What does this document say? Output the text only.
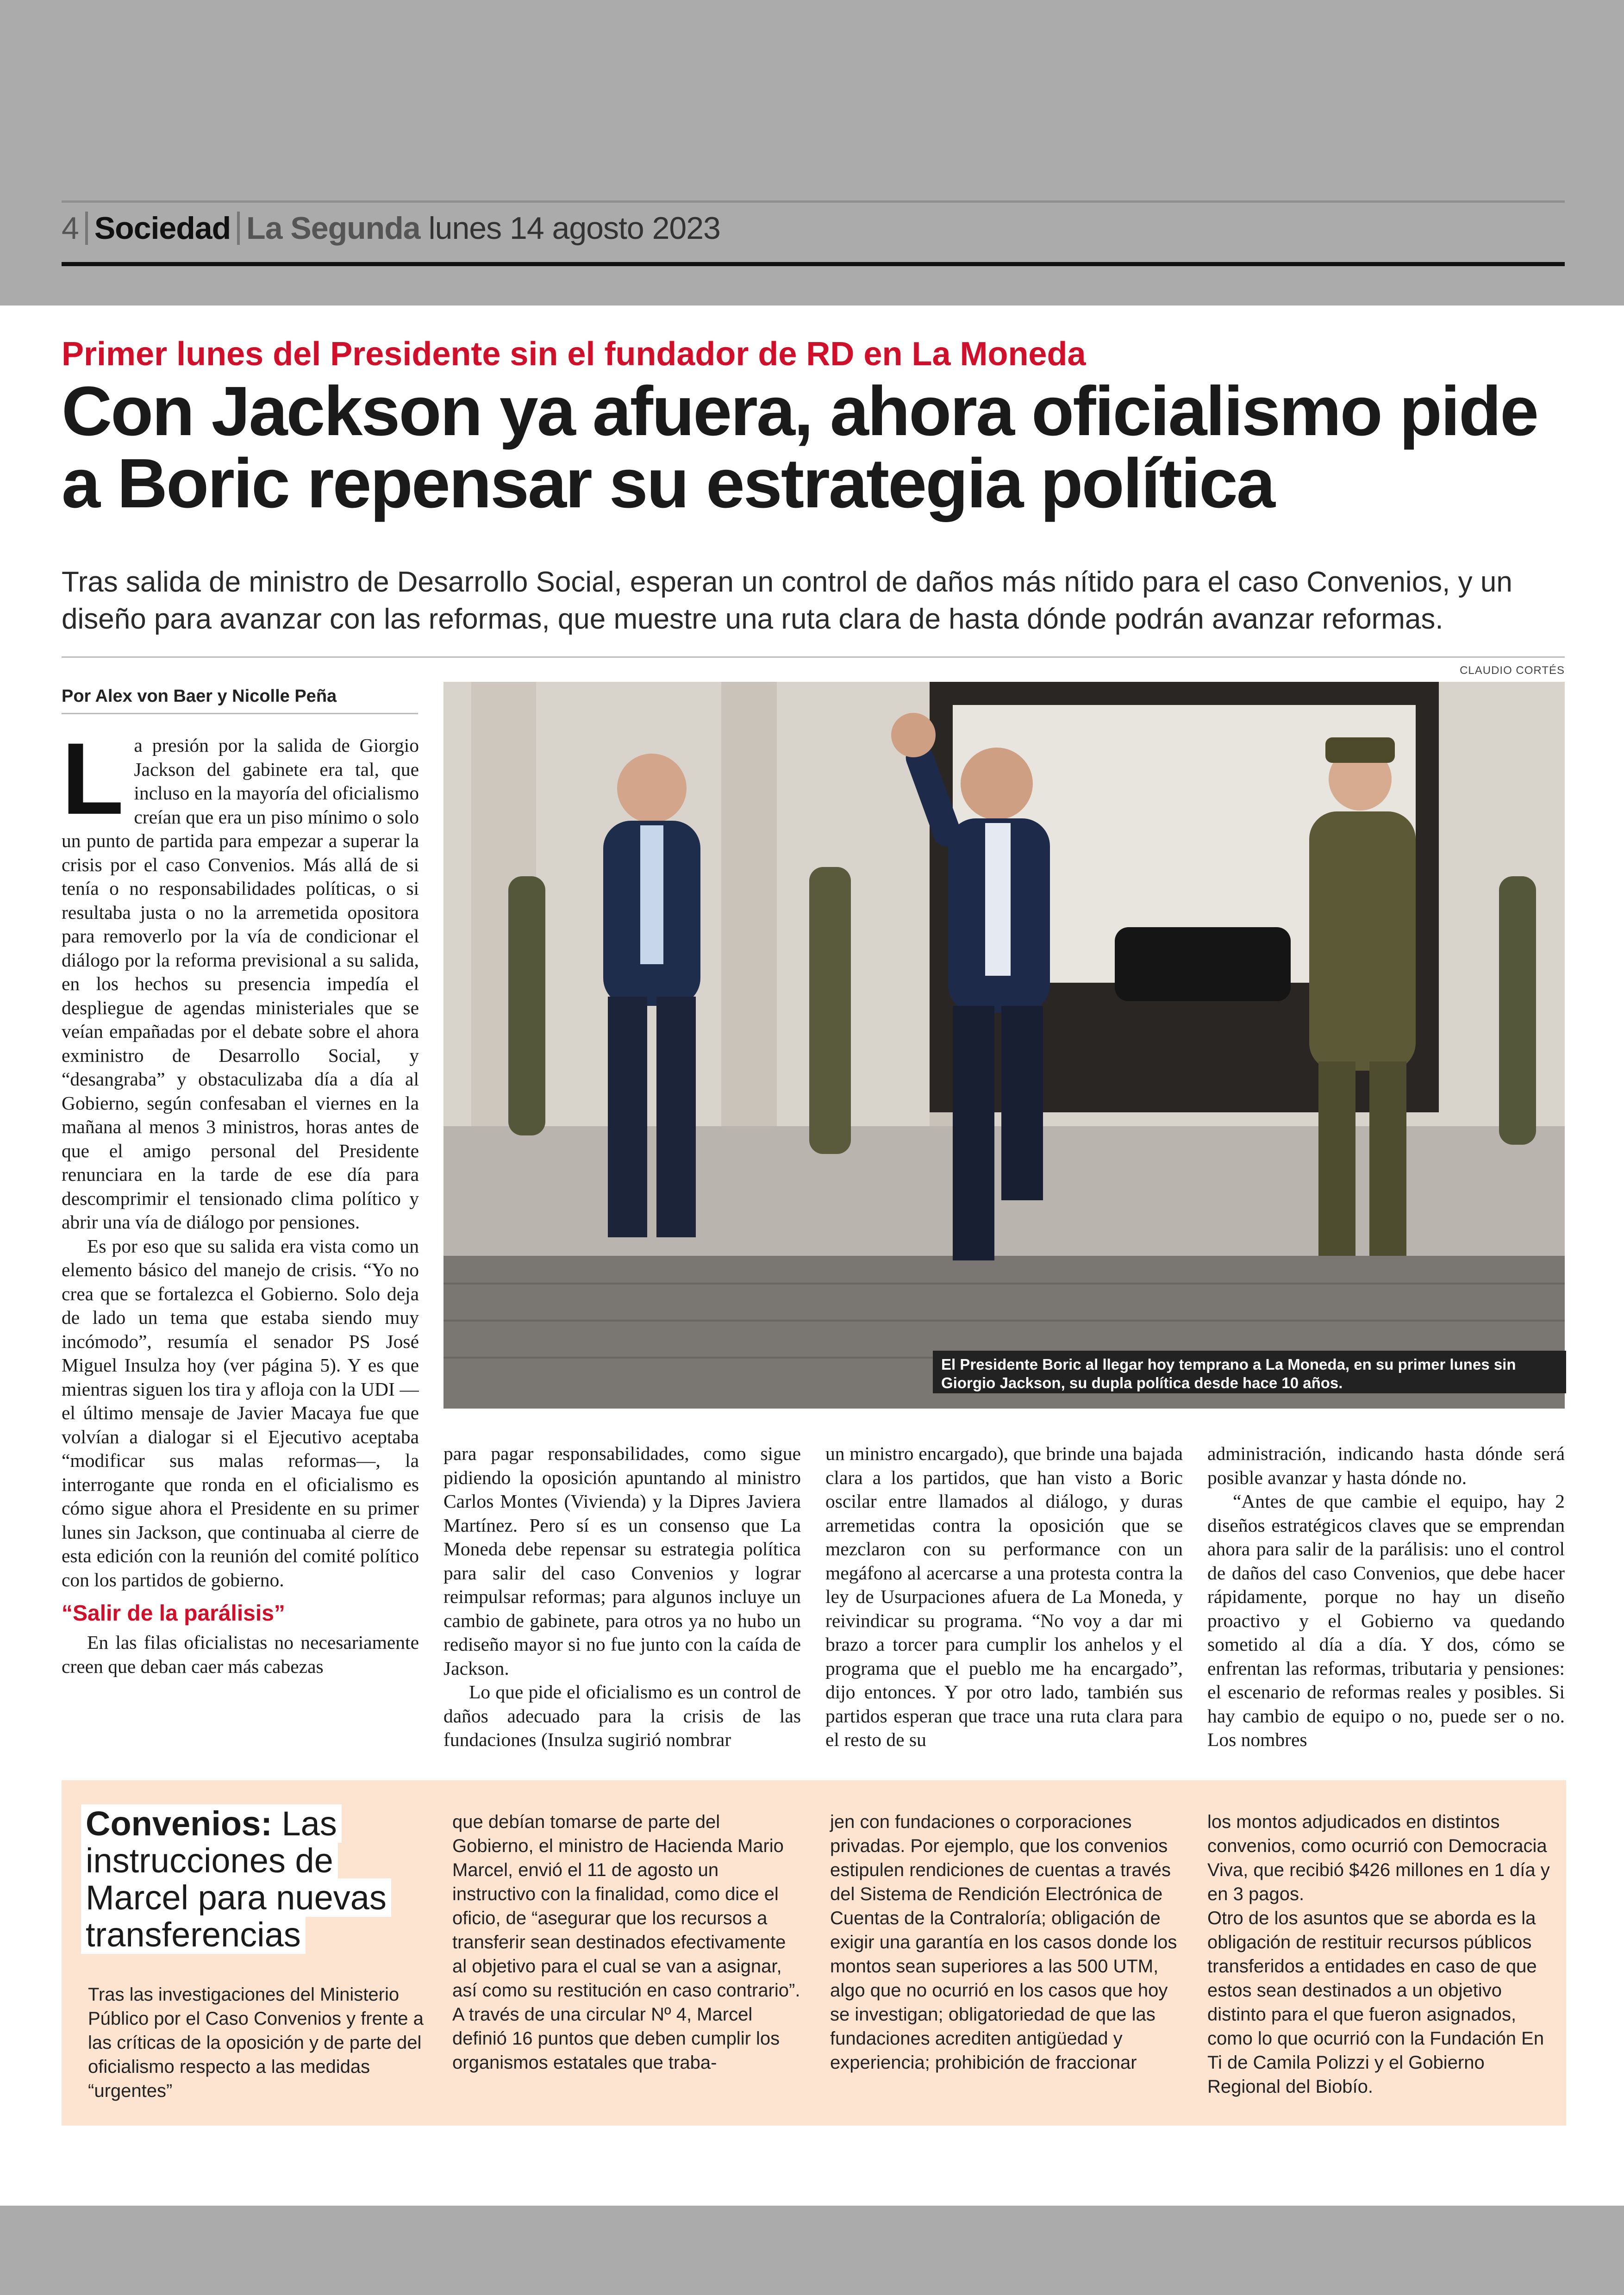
4 Sociedad La Segunda lunes 14 agosto 2023
Primer lunes del Presidente sin el fundador de RD en La Moneda
Con Jackson ya afuera, ahora oficialismo pide a Boric repensar su estrategia política
Tras salida de ministro de Desarrollo Social, esperan un control de daños más nítido para el caso Convenios, y un diseño para avanzar con las reformas, que muestre una ruta clara de hasta dónde podrán avanzar reformas.
CLAUDIO CORTÉS
Por Alex von Baer y Nicolle Peña

La presión por la salida de Giorgio Jackson del gabinete era tal, que incluso en la mayoría del oficialismo creían que era un piso mínimo o solo un punto de partida para empezar a superar la crisis por el caso Convenios. Más allá de si tenía o no responsabilidades políticas, o si resultaba justa o no la arremetida opositora para removerlo por la vía de condicionar el diálogo por la reforma previsional a su salida, en los hechos su presencia impedía el despliegue de agendas ministeriales que se veían empañadas por el debate sobre el ahora exministro de Desarrollo Social, y “desangraba” y obstaculizaba día a día al Gobierno, según confesaban el viernes en la mañana al menos 3 ministros, horas antes de que el amigo personal del Presidente renunciara en la tarde de ese día para descomprimir el tensionado clima político y abrir una vía de diálogo por pensiones.

Es por eso que su salida era vista como un elemento básico del manejo de crisis. “Yo no crea que se fortalezca el Gobierno. Solo deja de lado un tema que estaba siendo muy incómodo”, resumía el senador PS José Miguel Insulza hoy (ver página 5). Y es que mientras siguen los tira y afloja con la UDI —el último mensaje de Javier Macaya fue que volvían a dialogar si el Ejecutivo aceptaba “modificar sus malas reformas—, la interrogante que ronda en el oficialismo es cómo sigue ahora el Presidente en su primer lunes sin Jackson, que continuaba al cierre de esta edición con la reunión del comité político con los partidos de gobierno.

“Salir de la parálisis”

En las filas oficialistas no necesariamente creen que deban caer más cabezas

El Presidente Boric al llegar hoy temprano a La Moneda, en su primer lunes sin Giorgio Jackson, su dupla política desde hace 10 años.

para pagar responsabilidades, como sigue pidiendo la oposición apuntando al ministro Carlos Montes (Vivienda) y la Dipres Javiera Martínez. Pero sí es un consenso que La Moneda debe repensar su estrategia política para salir del caso Convenios y lograr reimpulsar reformas; para algunos incluye un cambio de gabinete, para otros ya no hubo un rediseño mayor si no fue junto con la caída de Jackson.

Lo que pide el oficialismo es un control de daños adecuado para la crisis de las fundaciones (Insulza sugirió nombrar

un ministro encargado), que brinde una bajada clara a los partidos, que han visto a Boric oscilar entre llamados al diálogo, y duras arremetidas contra la oposición que se mezclaron con su performance con un megáfono al acercarse a una protesta contra la ley de Usurpaciones afuera de La Moneda, y reivindicar su programa. “No voy a dar mi brazo a torcer para cumplir los anhelos y el programa que el pueblo me ha encargado”, dijo entonces. Y por otro lado, también sus partidos esperan que trace una ruta clara para el resto de su

administración, indicando hasta dónde será posible avanzar y hasta dónde no.

“Antes de que cambie el equipo, hay 2 diseños estratégicos claves que se emprendan ahora para salir de la parálisis: uno el control de daños del caso Convenios, que debe hacer rápidamente, porque no hay un diseño proactivo y el Gobierno va quedando sometido al día a día. Y dos, cómo se enfrentan las reformas, tributaria y pensiones: el escenario de reformas reales y posibles. Si hay cambio de equipo o no, puede ser o no. Los nombres

Convenios: Las instrucciones de Marcel para nuevas transferencias
Tras las investigaciones del Ministerio Público por el Caso Convenios y frente a las críticas de la oposición y de parte del oficialismo respecto a las medidas “urgentes”

que debían tomarse de parte del Gobierno, el ministro de Hacienda Mario Marcel, envió el 11 de agosto un instructivo con la finalidad, como dice el oficio, de “asegurar que los recursos a transferir sean destinados efectivamente al objetivo para el cual se van a asignar, así como su restitución en caso contrario”.

A través de una circular Nº 4, Marcel definió 16 puntos que deben cumplir los organismos estatales que traba-

jen con fundaciones o corporaciones privadas. Por ejemplo, que los convenios estipulen rendiciones de cuentas a través del Sistema de Rendición Electrónica de Cuentas de la Contraloría; obligación de exigir una garantía en los casos donde los montos sean superiores a las 500 UTM, algo que no ocurrió en los casos que hoy se investigan; obligatoriedad de que las fundaciones acrediten antigüedad y experiencia; prohibición de fraccionar

los montos adjudicados en distintos convenios, como ocurrió con Democracia Viva, que recibió $426 millones en 1 día y en 3 pagos.

Otro de los asuntos que se aborda es la obligación de restituir recursos públicos transferidos a entidades en caso de que estos sean destinados a un objetivo distinto para el que fueron asignados, como lo que ocurrió con la Fundación En Ti de Camila Polizzi y el Gobierno Regional del Biobío.
